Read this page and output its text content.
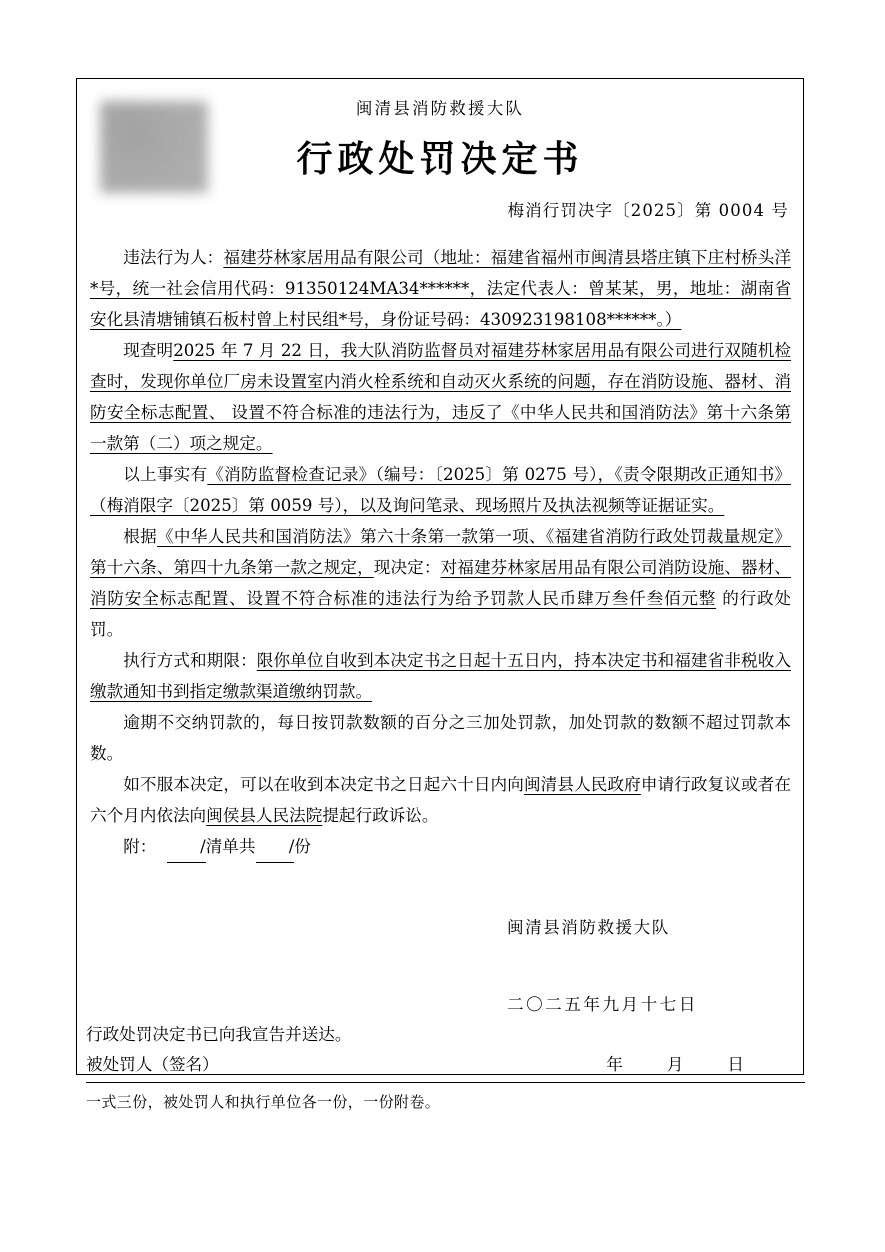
闽清县消防救援大队
行政处罚决定书
梅消行罚决字〔2025〕第 0004 号

违法行为人：福建芬林家居用品有限公司（地址：福建省福州市闽清县塔庄镇下庄村桥头洋*号，统一社会信用代码：91350124MA34******，法定代表人：曾某某，男，地址：湖南省安化县清塘铺镇石板村曾上村民组*号，身份证号码：430923198108******。）

现查明2025 年 7 月 22 日，我大队消防监督员对福建芬林家居用品有限公司进行双随机检查时，发现你单位厂房未设置室内消火栓系统和自动灭火系统的问题，存在消防设施、器材、消防安全标志配置、 设置不符合标准的违法行为，违反了《中华人民共和国消防法》第十六条第一款第（二）项之规定。

以上事实有《消防监督检查记录》（编号：〔2025〕第 0275 号），《责令限期改正通知书》（梅消限字〔2025〕第 0059 号），以及询问笔录、现场照片及执法视频等证据证实。

根据《中华人民共和国消防法》第六十条第一款第一项、《福建省消防行政处罚裁量规定》第十六条、第四十九条第一款之规定，现决定：对福建芬林家居用品有限公司消防设施、器材、消防安全标志配置、设置不符合标准的违法行为给予罚款人民币肆万叁仟叁佰元整 的行政处罚。

执行方式和期限：限你单位自收到本决定书之日起十五日内，持本决定书和福建省非税收入缴款通知书到指定缴款渠道缴纳罚款。

逾期不交纳罚款的，每日按罚款数额的百分之三加处罚款，加处罚款的数额不超过罚款本数。

如不服本决定，可以在收到本决定书之日起六十日内向闽清县人民政府申请行政复议或者在六个月内依法向闽侯县人民法院提起行政诉讼。

附：	/清单共 /份

闽清县消防救援大队

二〇二五年九月十七日

行政处罚决定书已向我宣告并送达。

被处罚人（签名）	年	月	日

一式三份，被处罚人和执行单位各一份，一份附卷。
